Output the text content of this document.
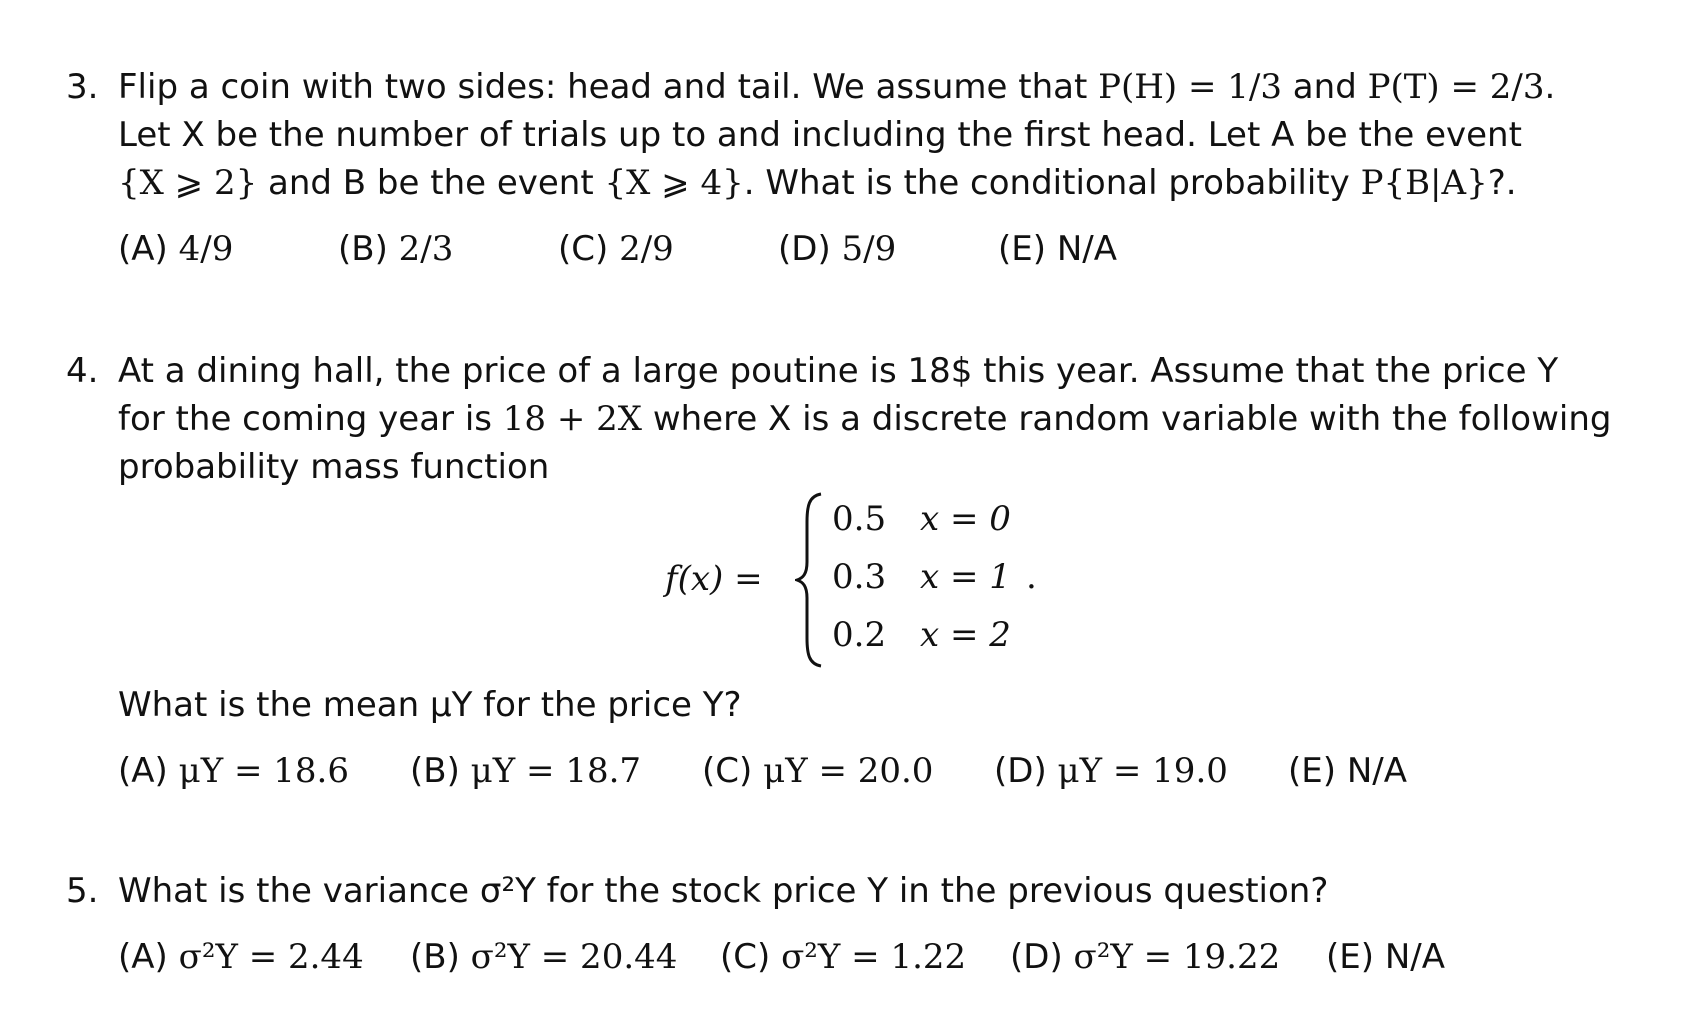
3. Flip a coin with two sides: head and tail. We assume that P(H) = 1/3 and P(T) = 2/3.
Let X be the number of trials up to and including the first head. Let A be the event
{X ⩾ 2} and B be the event {X ⩾ 4}. What is the conditional probability P{B|A}?.
(A) 4/9	(B) 2/3	(C) 2/9	(D) 5/9	(E) N/A
4. At a dining hall, the price of a large poutine is 18$ this year. Assume that the price Y
for the coming year is 18 + 2X where X is a discrete random variable with the following
probability mass function
f(x) =
0.5 x = 0
0.3 x = 1 .
0.2 x = 2
What is the mean μY for the price Y?
(A) μY = 18.6 (B) μY = 18.7 (C) μY = 20.0 (D) μY = 19.0 (E) N/A
5. What is the variance σ²Y for the stock price Y in the previous question?
(A) σ²Y = 2.44 (B) σ²Y = 20.44 (C) σ²Y = 1.22 (D) σ²Y = 19.22 (E) N/A
